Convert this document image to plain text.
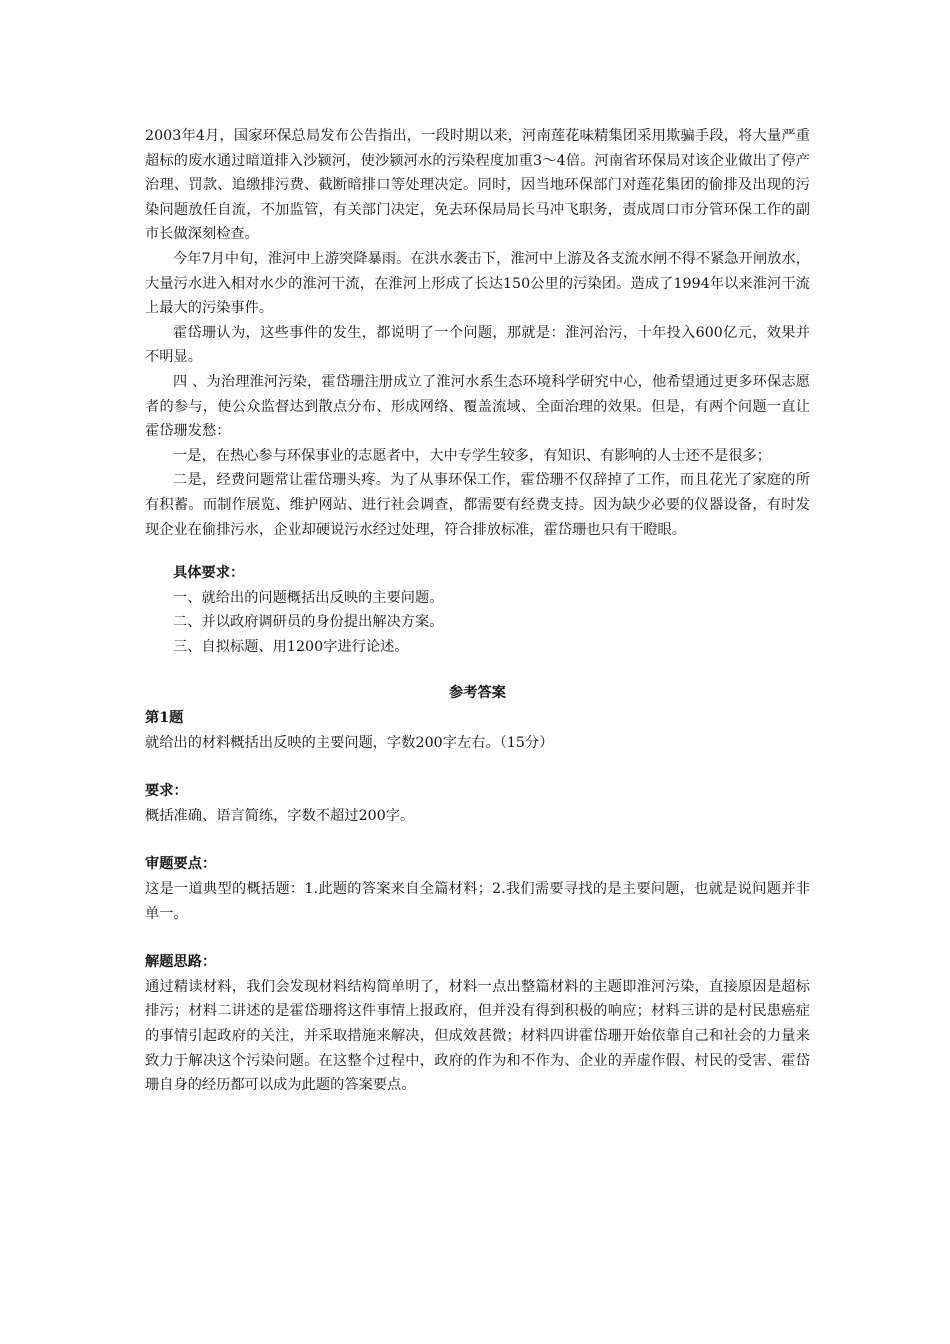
2003年4月，国家环保总局发布公告指出，一段时期以来，河南莲花味精集团采用欺骗手段，将大量严重超标的废水通过暗道排入沙颍河，使沙颍河水的污染程度加重3～4倍。河南省环保局对该企业做出了停产治理、罚款、追缴排污费、截断暗排口等处理决定。同时，因当地环保部门对莲花集团的偷排及出现的污染问题放任自流，不加监管，有关部门决定，免去环保局局长马冲飞职务，责成周口市分管环保工作的副市长做深刻检查。

今年7月中旬，淮河中上游突降暴雨。在洪水袭击下，淮河中上游及各支流水闸不得不紧急开闸放水，大量污水进入相对水少的淮河干流，在淮河上形成了长达150公里的污染团。造成了1994年以来淮河干流上最大的污染事件。

霍岱珊认为，这些事件的发生，都说明了一个问题，那就是：淮河治污，十年投入600亿元，效果并不明显。

四 、为治理淮河污染，霍岱珊注册成立了淮河水系生态环境科学研究中心，他希望通过更多环保志愿者的参与，使公众监督达到散点分布、形成网络、覆盖流域、全面治理的效果。但是，有两个问题一直让霍岱珊发愁：

一是，在热心参与环保事业的志愿者中，大中专学生较多，有知识、有影响的人士还不是很多；

二是，经费问题常让霍岱珊头疼。为了从事环保工作，霍岱珊不仅辞掉了工作，而且花光了家庭的所有积蓄。而制作展览、维护网站、进行社会调查，都需要有经费支持。因为缺少必要的仪器设备，有时发现企业在偷排污水，企业却硬说污水经过处理，符合排放标准，霍岱珊也只有干瞪眼。

具体要求：

一、就给出的问题概括出反映的主要问题。

二、并以政府调研员的身份提出解决方案。

三、自拟标题、用1200字进行论述。

参考答案

第1题

就给出的材料概括出反映的主要问题，字数200字左右。（15分）

要求：

概括准确、语言简练，字数不超过200字。

审题要点：

这是一道典型的概括题：1.此题的答案来自全篇材料；2.我们需要寻找的是主要问题，也就是说问题并非单一。

解题思路：

通过精读材料，我们会发现材料结构简单明了，材料一点出整篇材料的主题即淮河污染，直接原因是超标排污；材料二讲述的是霍岱珊将这件事情上报政府，但并没有得到积极的响应；材料三讲的是村民患癌症的事情引起政府的关注，并采取措施来解决，但成效甚微；材料四讲霍岱珊开始依靠自己和社会的力量来致力于解决这个污染问题。在这整个过程中，政府的作为和不作为、企业的弄虚作假、村民的受害、霍岱珊自身的经历都可以成为此题的答案要点。
